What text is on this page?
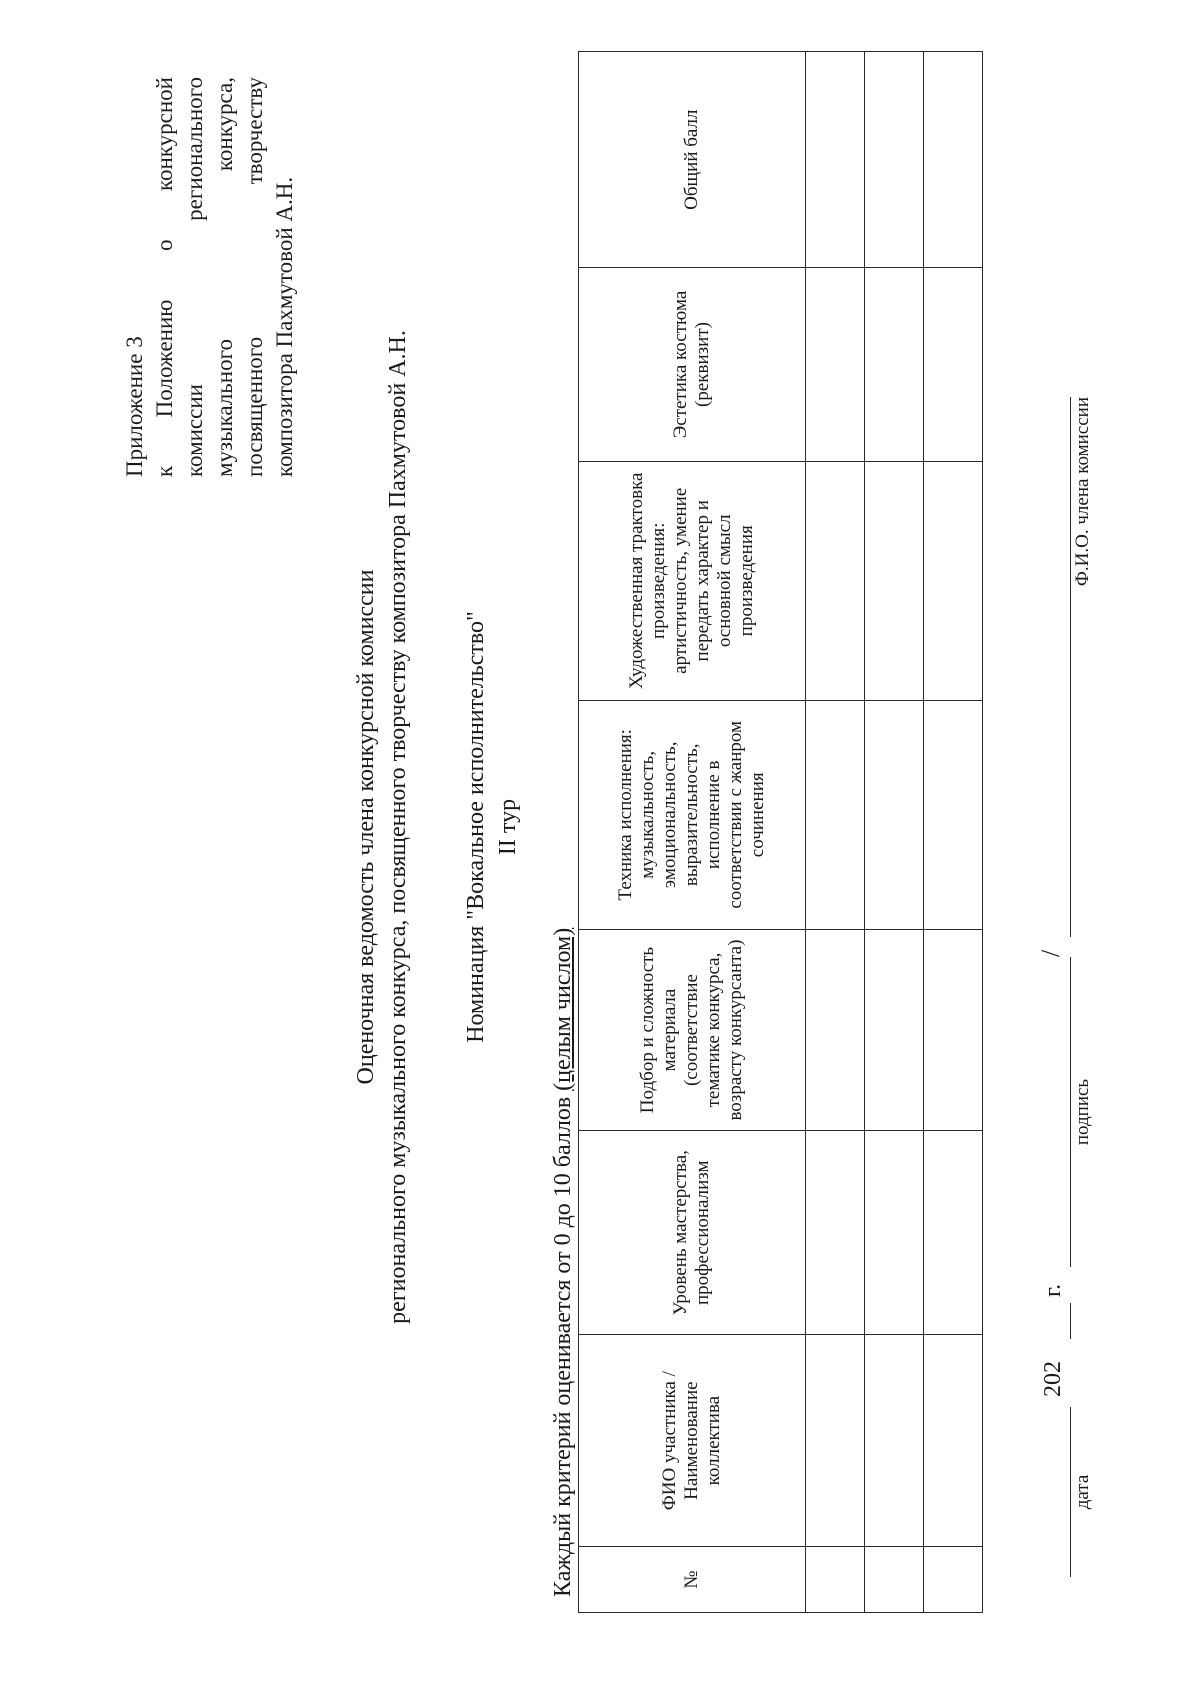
Приложение 3 к Положению о конкурсной комиссии регионального музыкального конкурса, посвященного творчеству композитора Пахмутовой А.Н.
Оценочная ведомость члена конкурсной комиссии регионального музыкального конкурса, посвященного творчеству композитора Пахмутовой А.Н. Номинация "Вокальное исполнительство" II тур
Каждый критерий оценивается от 0 до 10 баллов (целым числом)
№	ФИО участника / Наименование коллектива	Уровень мастерства, профессионализм	Подбор и сложность материала (соответствие тематике конкурса, возрасту конкурсанта)	Техника исполнения: музыкальность, эмоциональность, выразительность, исполнение в соответствии с жанром сочинения	Художественная трактовка произведения: артистичность, умение передать характер и основной смысл произведения	Эстетика костюма (реквизит)	Общий балл

дата
202
г.
подпись
/
Ф.И.О. члена комиссии
